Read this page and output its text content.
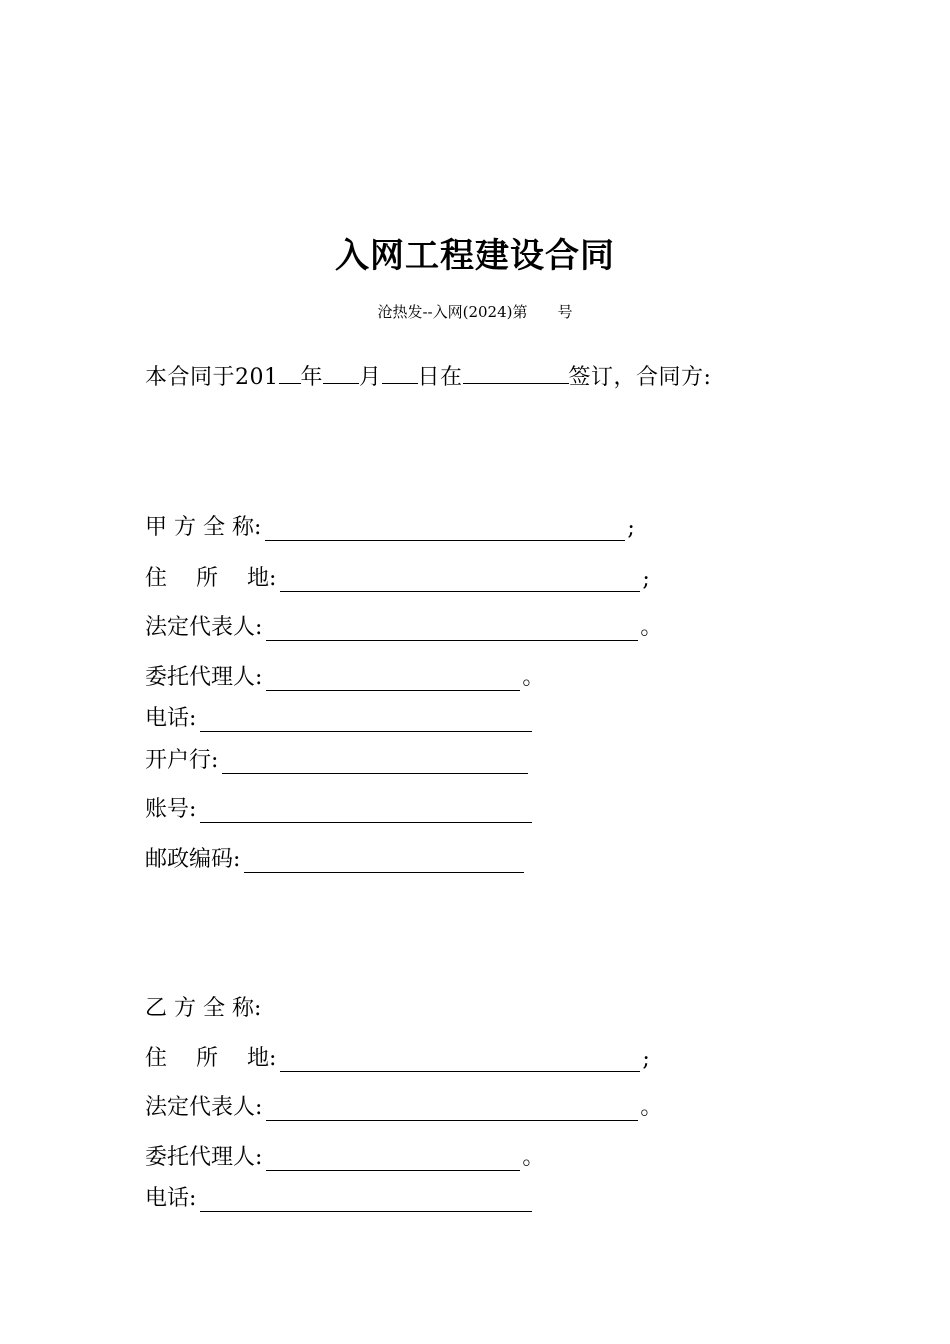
入网工程建设合同
沧热发--入网(2024)第　　号
本合同于201 年 月 日在	签订，合同方:
甲 方 全 称:	;
住　 所　 地:	;
法定代表人:	。
委托代理人:	。
电话:
开户行:
账号:
邮政编码:
乙 方 全 称:
住　 所　 地:	;
法定代表人:	。
委托代理人:	。
电话:
